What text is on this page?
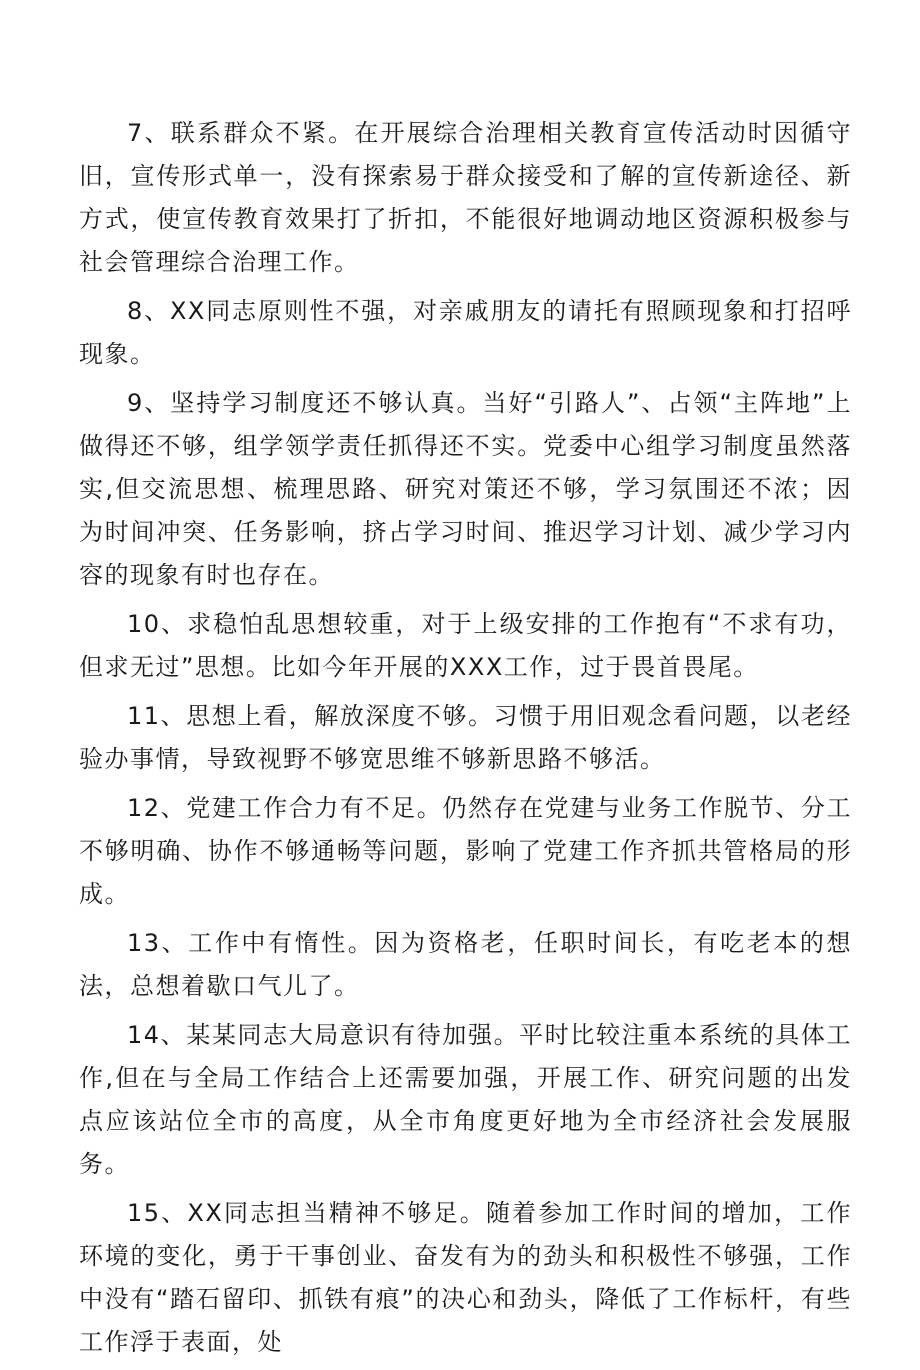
7、联系群众不紧。在开展综合治理相关教育宣传活动时因循守旧，宣传形式单一，没有探索易于群众接受和了解的宣传新途径、新方式，使宣传教育效果打了折扣，不能很好地调动地区资源积极参与社会管理综合治理工作。

8、XX同志原则性不强，对亲戚朋友的请托有照顾现象和打招呼现象。

9、坚持学习制度还不够认真。当好“引路人”、占领“主阵地”上做得还不够，组学领学责任抓得还不实。党委中心组学习制度虽然落实,但交流思想、梳理思路、研究对策还不够，学习氛围还不浓；因为时间冲突、任务影响，挤占学习时间、推迟学习计划、减少学习内容的现象有时也存在。

10、求稳怕乱思想较重，对于上级安排的工作抱有“不求有功，但求无过”思想。比如今年开展的XXX工作，过于畏首畏尾。

11、思想上看，解放深度不够。习惯于用旧观念看问题，以老经验办事情，导致视野不够宽思维不够新思路不够活。

12、党建工作合力有不足。仍然存在党建与业务工作脱节、分工不够明确、协作不够通畅等问题，影响了党建工作齐抓共管格局的形成。

13、工作中有惰性。因为资格老，任职时间长，有吃老本的想法，总想着歇口气儿了。

14、某某同志大局意识有待加强。平时比较注重本系统的具体工作,但在与全局工作结合上还需要加强，开展工作、研究问题的出发点应该站位全市的高度，从全市角度更好地为全市经济社会发展服务。

15、XX同志担当精神不够足。随着参加工作时间的增加，工作环境的变化，勇于干事创业、奋发有为的劲头和积极性不够强，工作中没有“踏石留印、抓铁有痕”的决心和劲头，降低了工作标杆，有些工作浮于表面，处
